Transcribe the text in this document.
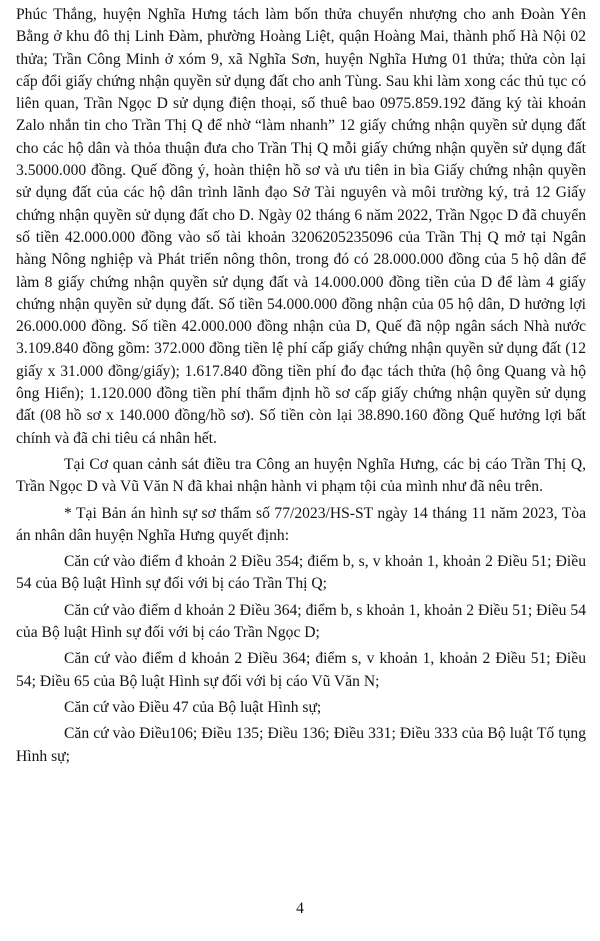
Phúc Thắng, huyện Nghĩa Hưng tách làm bốn thửa chuyển nhượng cho anh Đoàn Yên Bằng ở khu đô thị Linh Đàm, phường Hoàng Liệt, quận Hoàng Mai, thành phố Hà Nội 02 thửa; Trần Công Minh ở xóm 9, xã Nghĩa Sơn, huyện Nghĩa Hưng 01 thửa; thửa còn lại cấp đổi giấy chứng nhận quyền sử dụng đất cho anh Tùng. Sau khi làm xong các thủ tục có liên quan, Trần Ngọc D sử dụng điện thoại, số thuê bao 0975.859.192 đăng ký tài khoản Zalo nhắn tin cho Trần Thị Q để nhờ “làm nhanh” 12 giấy chứng nhận quyền sử dụng đất cho các hộ dân và thỏa thuận đưa cho Trần Thị Q mỗi giấy chứng nhận quyền sử dụng đất 3.5000.000 đồng. Quế đồng ý, hoàn thiện hồ sơ và ưu tiên in bìa Giấy chứng nhận quyền sử dụng đất của các hộ dân trình lãnh đạo Sở Tài nguyên và môi trường ký, trả 12 Giấy chứng nhận quyền sử dụng đất cho D. Ngày 02 tháng 6 năm 2022, Trần Ngọc D đã chuyển số tiền 42.000.000 đồng vào số tài khoản 3206205235096 của Trần Thị Q mở tại Ngân hàng Nông nghiệp và Phát triển nông thôn, trong đó có 28.000.000 đồng của 5 hộ dân để làm 8 giấy chứng nhận quyền sử dụng đất và 14.000.000 đồng tiền của D để làm 4 giấy chứng nhận quyền sử dụng đất. Số tiền 54.000.000 đồng nhận của 05 hộ dân, D hưởng lợi 26.000.000 đồng. Số tiền 42.000.000 đồng nhận của D, Quế đã nộp ngân sách Nhà nước 3.109.840 đồng gồm: 372.000 đồng tiền lệ phí cấp giấy chứng nhận quyền sử dụng đất (12 giấy x 31.000 đồng/giấy); 1.617.840 đồng tiền phí đo đạc tách thửa (hộ ông Quang và hộ ông Hiển); 1.120.000 đồng tiền phí thẩm định hồ sơ cấp giấy chứng nhận quyền sử dụng đất (08 hồ sơ x 140.000 đồng/hồ sơ). Số tiền còn lại 38.890.160 đồng Quế hưởng lợi bất chính và đã chi tiêu cá nhân hết.

Tại Cơ quan cảnh sát điều tra Công an huyện Nghĩa Hưng, các bị cáo Trần Thị Q, Trần Ngọc D và Vũ Văn N đã khai nhận hành vi phạm tội của mình như đã nêu trên.

* Tại Bản án hình sự sơ thẩm số 77/2023/HS-ST ngày 14 tháng 11 năm 2023, Tòa án nhân dân huyện Nghĩa Hưng quyết định:

Căn cứ vào điểm đ khoản 2 Điều 354; điểm b, s, v khoản 1, khoản 2 Điều 51; Điều 54 của Bộ luật Hình sự đối với bị cáo Trần Thị Q;

Căn cứ vào điểm d khoản 2 Điều 364; điểm b, s khoản 1, khoản 2 Điều 51; Điều 54 của Bộ luật Hình sự đối với bị cáo Trần Ngọc D;

Căn cứ vào điểm d khoản 2 Điều 364; điểm s, v khoản 1, khoản 2 Điều 51; Điều 54; Điều 65 của Bộ luật Hình sự đối với bị cáo Vũ Văn N;

Căn cứ vào Điều 47 của Bộ luật Hình sự;

Căn cứ vào Điều106; Điều 135; Điều 136; Điều 331; Điều 333 của Bộ luật Tố tụng Hình sự;

4
